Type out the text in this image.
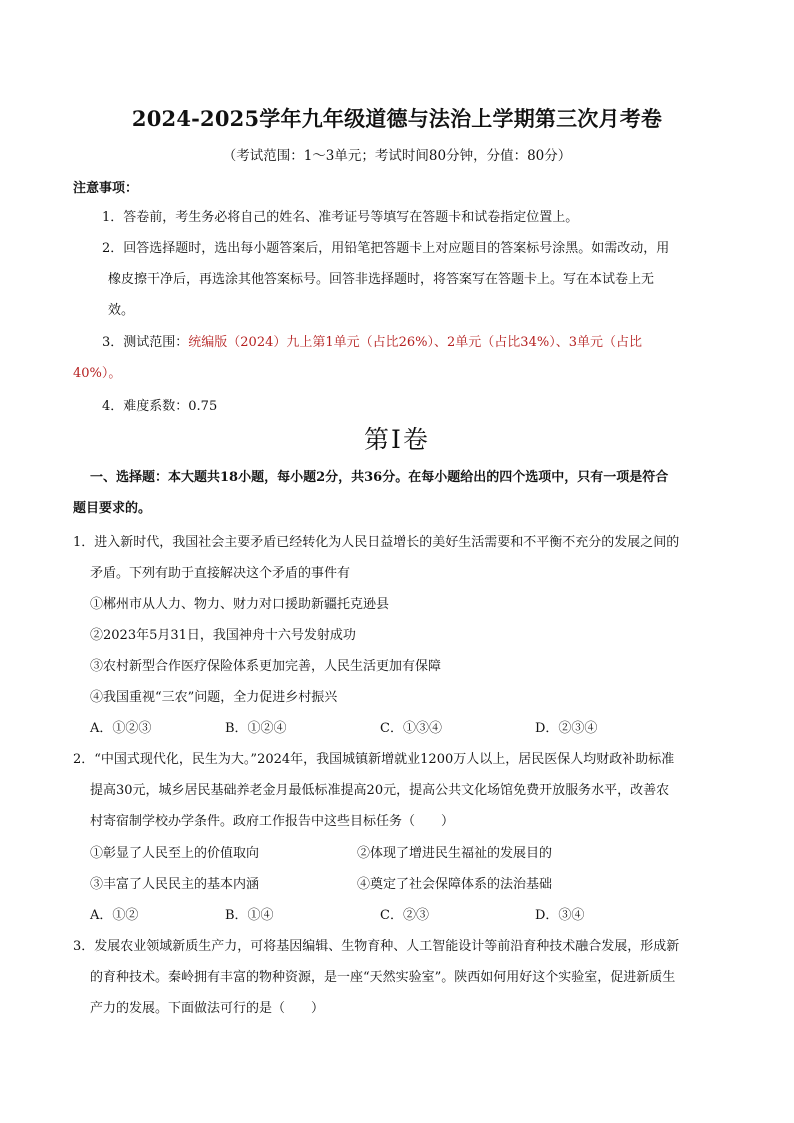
2024-2025学年九年级道德与法治上学期第三次月考卷
（考试范围：1～3单元；考试时间80分钟，分值：80分）
注意事项：
1．答卷前，考生务必将自己的姓名、准考证号等填写在答题卡和试卷指定位置上。
2．回答选择题时，选出每小题答案后，用铅笔把答题卡上对应题目的答案标号涂黑。如需改动，用
橡皮擦干净后，再选涂其他答案标号。回答非选择题时，将答案写在答题卡上。写在本试卷上无
效。
3．测试范围：统编版（2024）九上第1单元（占比26%）、2单元（占比34%）、3单元（占比
40%）。
4．难度系数：0.75
第Ⅰ卷
一、选择题：本大题共18小题，每小题2分，共36分。在每小题给出的四个选项中，只有一项是符合
题目要求的。
1．进入新时代，我国社会主要矛盾已经转化为人民日益增长的美好生活需要和不平衡不充分的发展之间的
矛盾。下列有助于直接解决这个矛盾的事件有
①郴州市从人力、物力、财力对口援助新疆托克逊县
②2023年5月31日，我国神舟十六号发射成功
③农村新型合作医疗保险体系更加完善，人民生活更加有保障
④我国重视“三农”问题，全力促进乡村振兴
A．①②③	B．①②④	C．①③④	D．②③④
2．“中国式现代化，民生为大。”2024年，我国城镇新增就业1200万人以上，居民医保人均财政补助标准
提高30元，城乡居民基础养老金月最低标准提高20元，提高公共文化场馆免费开放服务水平，改善农
村寄宿制学校办学条件。政府工作报告中这些目标任务（　　）
①彰显了人民至上的价值取向	②体现了增进民生福祉的发展目的
③丰富了人民民主的基本内涵	④奠定了社会保障体系的法治基础
A．①②	B．①④	C．②③	D．③④
3．发展农业领域新质生产力，可将基因编辑、生物育种、人工智能设计等前沿育种技术融合发展，形成新
的育种技术。秦岭拥有丰富的物种资源，是一座“天然实验室”。陕西如何用好这个实验室，促进新质生
产力的发展。下面做法可行的是（　　）
